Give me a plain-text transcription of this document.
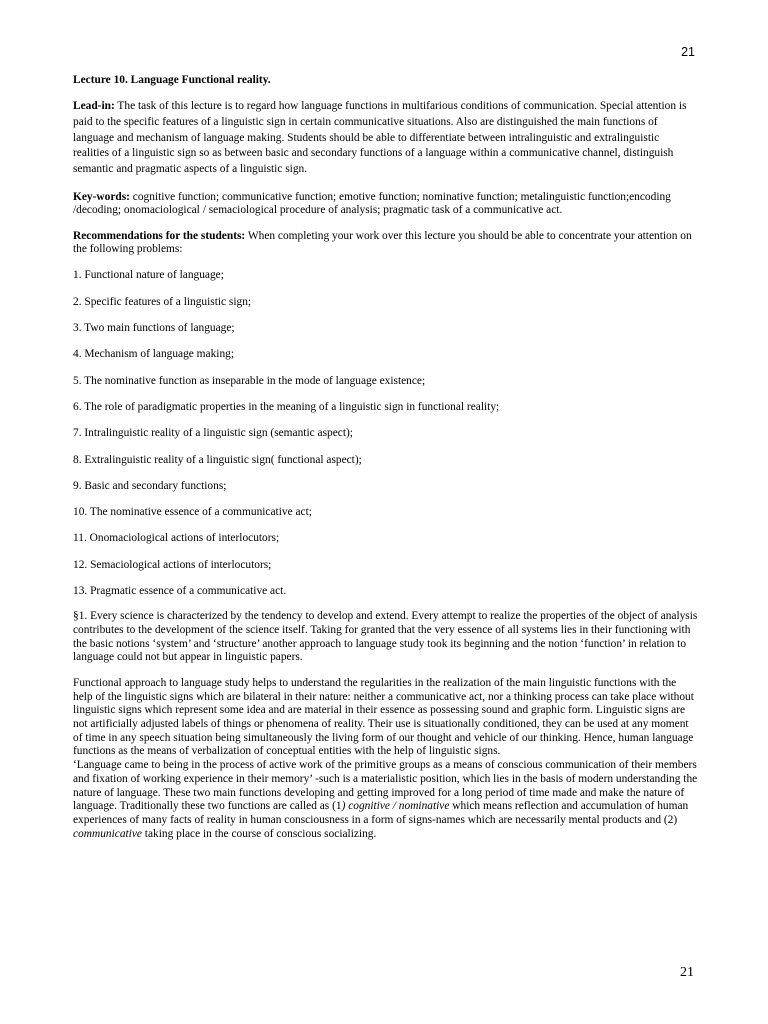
21

Lecture 10. Language Functional reality.

Lead-in: The task of this lecture is to regard how language functions in multifarious conditions of communication. Special attention is paid to the specific features of a linguistic sign in certain communicative situations. Also are distinguished the main functions of language and mechanism of language making. Students should be able to differentiate between intralinguistic and extralinguistic realities of a linguistic sign so as between basic and secondary functions of a language within a communicative channel, distinguish semantic and pragmatic aspects of a linguistic sign.

Key-words: cognitive function; communicative function; emotive function; nominative function; metalinguistic function;encoding /decoding; onomaciological / semaciological procedure of analysis; pragmatic task of a communicative act.

Recommendations for the students: When completing your work over this lecture you should be able to concentrate your attention on the following problems:

1. Functional nature of language;
2. Specific features of a linguistic sign;
3. Two main functions of language;
4. Mechanism of language making;
5. The nominative function as inseparable in the mode of language existence;
6. The role of paradigmatic properties in the meaning of a linguistic sign in functional reality;
7. Intralinguistic reality of a linguistic sign (semantic aspect);
8. Extralinguistic reality of a linguistic sign( functional aspect);
9. Basic and secondary functions;
10. The nominative essence of a communicative act;
11. Onomaciological actions of interlocutors;
12. Semaciological actions of interlocutors;
13. Pragmatic essence of a communicative act.

§1. Every science is characterized by the tendency to develop and extend. Every attempt to realize the properties of the object of analysis contributes to the development of the science itself. Taking for granted that the very essence of all systems lies in their functioning with the basic notions ‘system’ and ‘structure’ another approach to language study took its beginning and the notion ‘function’ in relation to language could not but appear in linguistic papers.

Functional approach to language study helps to understand the regularities in the realization of the main linguistic functions with the help of the linguistic signs which are bilateral in their nature: neither a communicative act, nor a thinking process can take place without linguistic signs which represent some idea and are material in their essence as possessing sound and graphic form. Linguistic signs are not artificially adjusted labels of things or phenomena of reality. Their use is situationally conditioned, they can be used at any moment of time in any speech situation being simultaneously the living form of our thought and vehicle of our thinking. Hence, human language functions as the means of verbalization of conceptual entities with the help of linguistic signs.

‘Language came to being in the process of active work of the primitive groups as a means of conscious communication of their members and fixation of working experience in their memory’ -such is a materialistic position, which lies in the basis of modern understanding the nature of language. These two main functions developing and getting improved for a long period of time made and make the nature of language. Traditionally these two functions are called as (1) cognitive / nominative which means reflection and accumulation of human experiences of many facts of reality in human consciousness in a form of signs-names which are necessarily mental products and (2) communicative taking place in the course of conscious socializing.

21
